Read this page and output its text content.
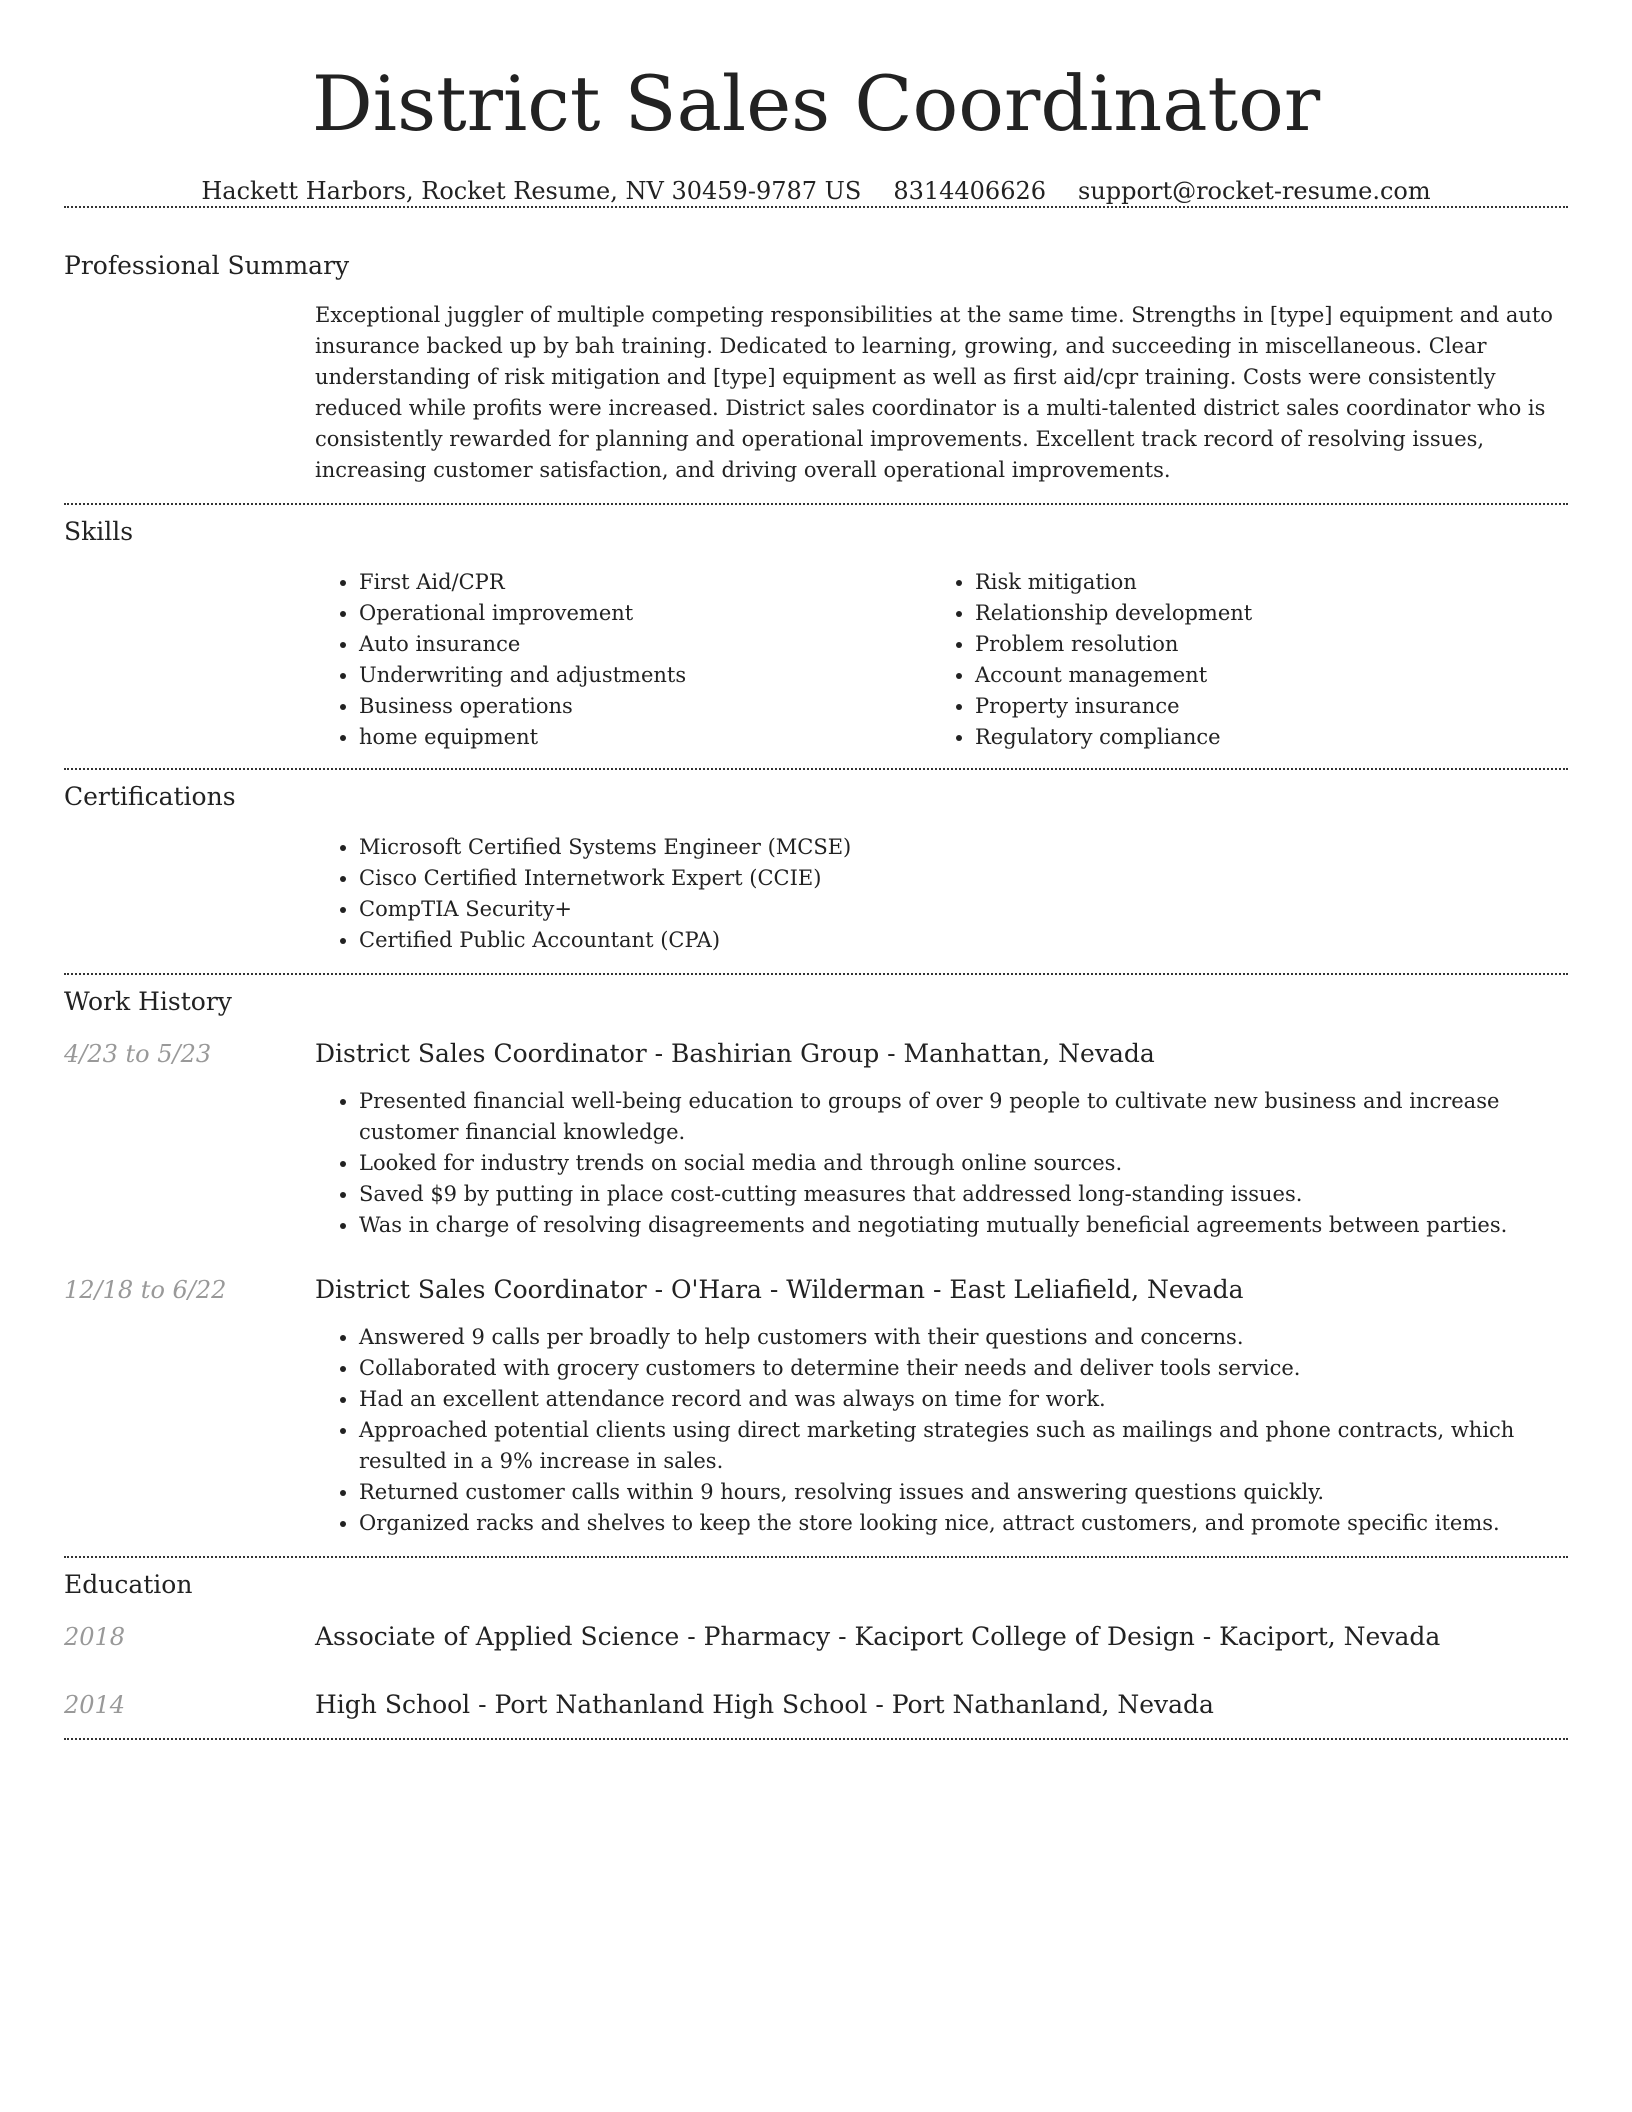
District Sales Coordinator
Hackett Harbors, Rocket Resume, NV 30459-9787 US 8314406626 support@rocket-resume.com
Professional Summary
Exceptional juggler of multiple competing responsibilities at the same time. Strengths in [type] equipment and auto insurance backed up by bah training. Dedicated to learning, growing, and succeeding in miscellaneous. Clear understanding of risk mitigation and [type] equipment as well as first aid/cpr training. Costs were consistently reduced while profits were increased. District sales coordinator is a multi-talented district sales coordinator who is consistently rewarded for planning and operational improvements. Excellent track record of resolving issues, increasing customer satisfaction, and driving overall operational improvements.
Skills
• First Aid/CPR
• Operational improvement
• Auto insurance
• Underwriting and adjustments
• Business operations
• home equipment
• Risk mitigation
• Relationship development
• Problem resolution
• Account management
• Property insurance
• Regulatory compliance
Certifications
• Microsoft Certified Systems Engineer (MCSE)
• Cisco Certified Internetwork Expert (CCIE)
• CompTIA Security+
• Certified Public Accountant (CPA)
Work History
4/23 to 5/23	District Sales Coordinator - Bashirian Group - Manhattan, Nevada
• Presented financial well-being education to groups of over 9 people to cultivate new business and increase customer financial knowledge.
• Looked for industry trends on social media and through online sources.
• Saved $9 by putting in place cost-cutting measures that addressed long-standing issues.
• Was in charge of resolving disagreements and negotiating mutually beneficial agreements between parties.
12/18 to 6/22	District Sales Coordinator - O'Hara - Wilderman - East Leliafield, Nevada
• Answered 9 calls per broadly to help customers with their questions and concerns.
• Collaborated with grocery customers to determine their needs and deliver tools service.
• Had an excellent attendance record and was always on time for work.
• Approached potential clients using direct marketing strategies such as mailings and phone contracts, which resulted in a 9% increase in sales.
• Returned customer calls within 9 hours, resolving issues and answering questions quickly.
• Organized racks and shelves to keep the store looking nice, attract customers, and promote specific items.
Education
2018	Associate of Applied Science - Pharmacy - Kaciport College of Design - Kaciport, Nevada
2014	High School - Port Nathanland High School - Port Nathanland, Nevada
